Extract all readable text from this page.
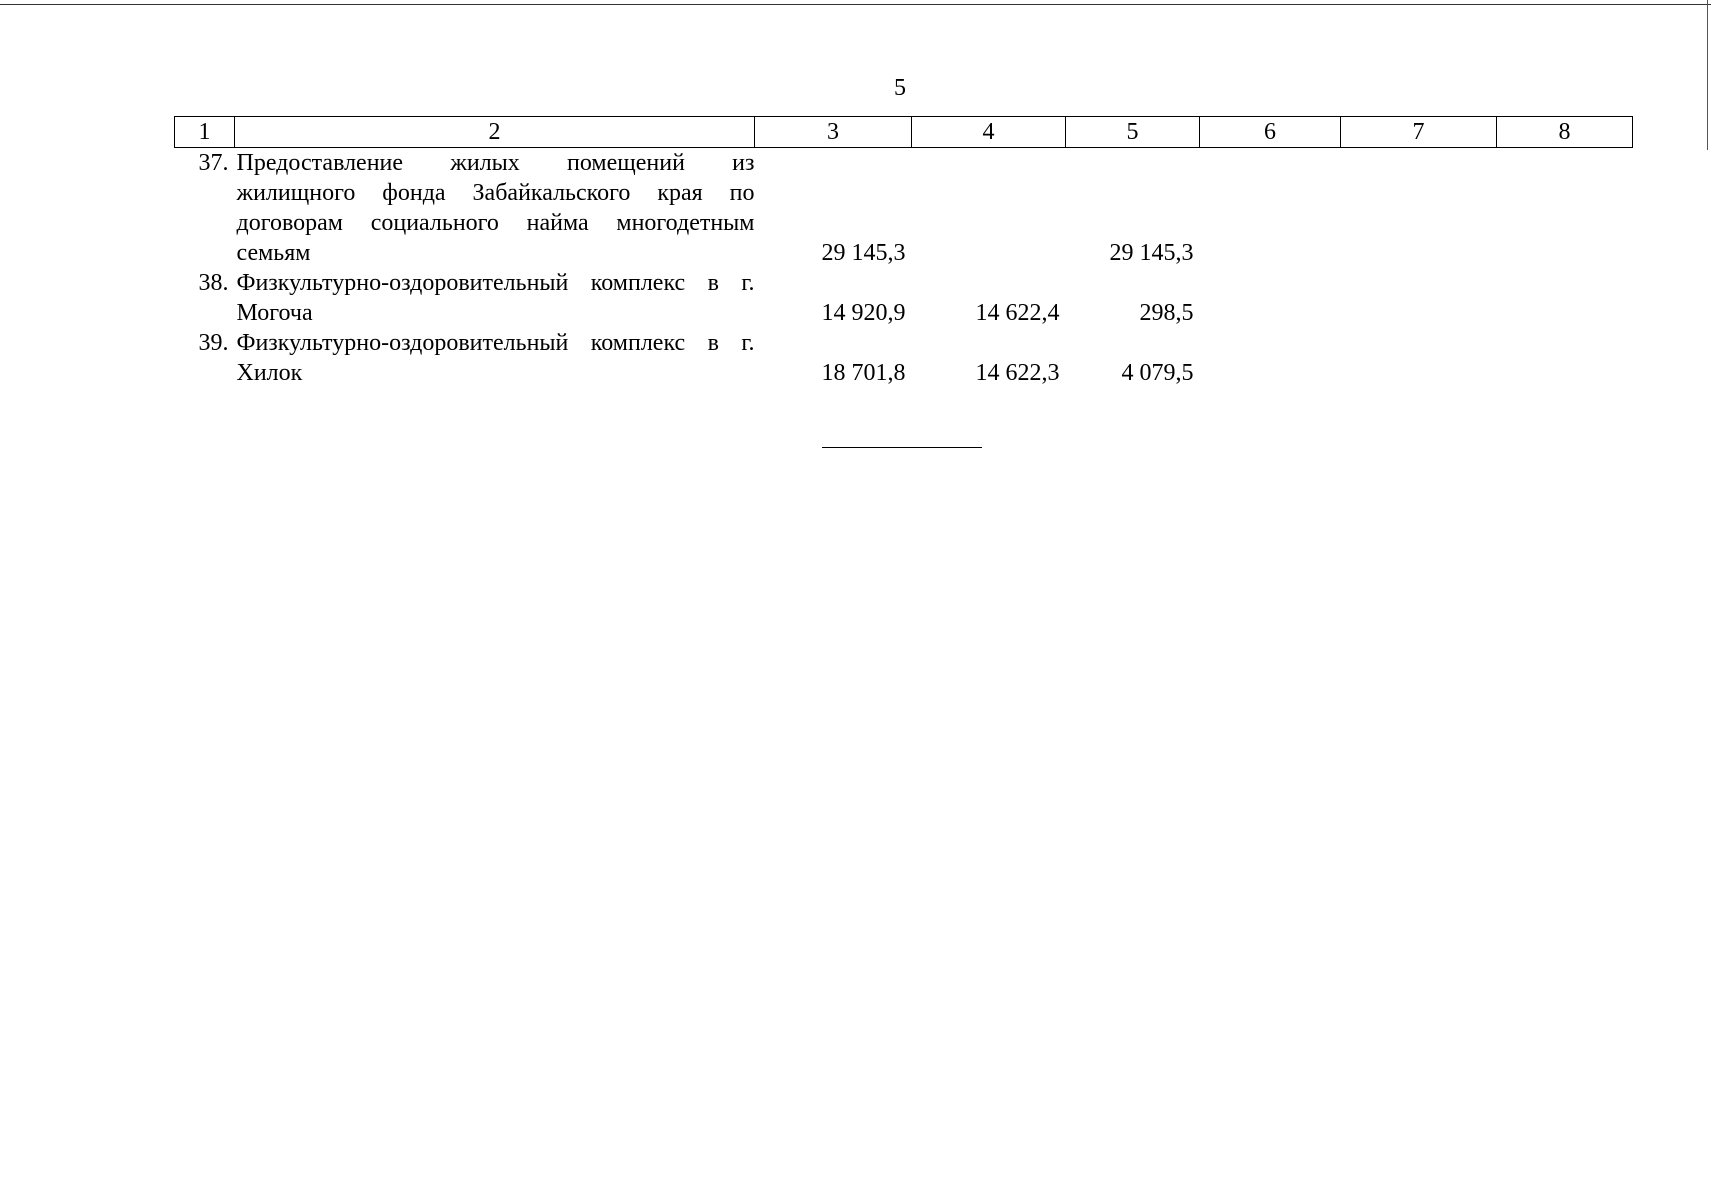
5
1	2	3	4	5	6	7	8
37.	Предоставление жилых помещений из жилищного фонда Забайкальского края по договорам социального найма многодетным семьям	29 145,3		29 145,3			
38.	Физкультурно-оздоровительный комплекс в г. Могоча	14 920,9	14 622,4	298,5			
39.	Физкультурно-оздоровительный комплекс в г. Хилок	18 701,8	14 622,3	4 079,5			
